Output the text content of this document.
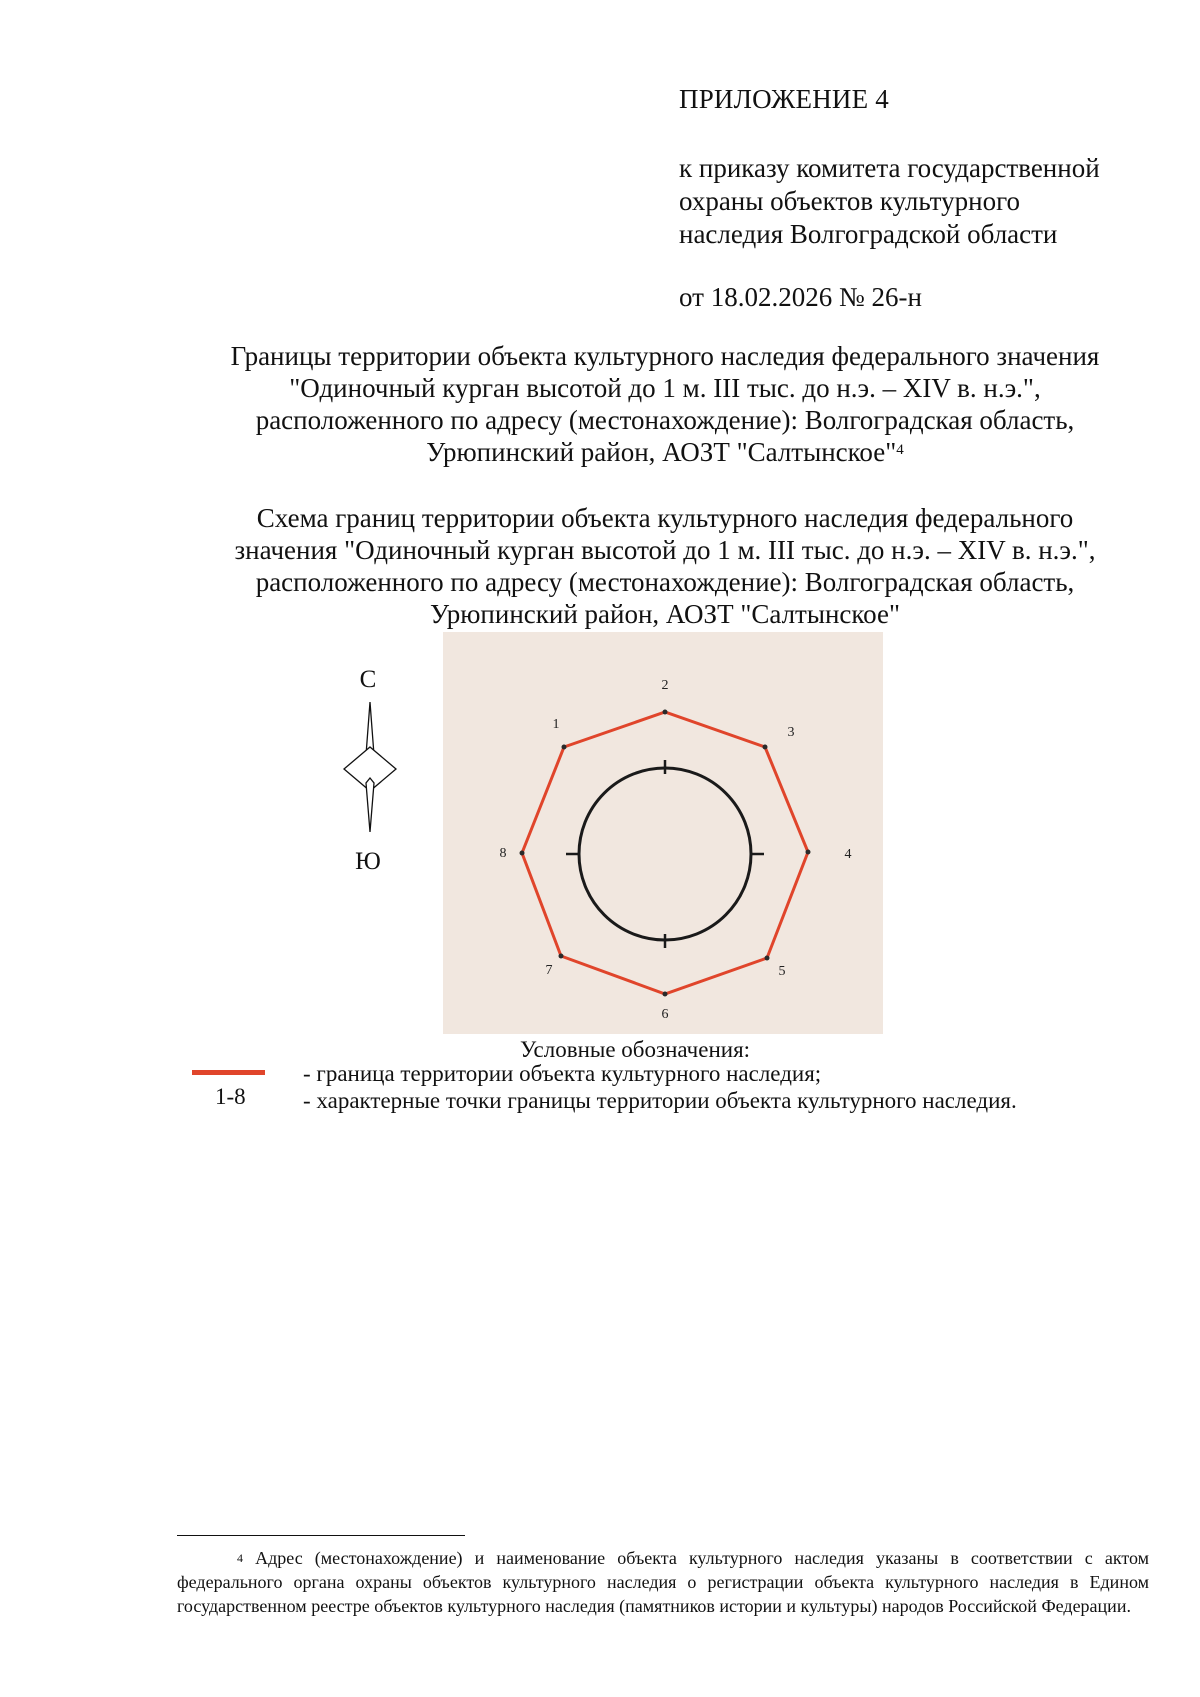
ПРИЛОЖЕНИЕ 4
к приказу комитета государственной
охраны объектов культурного
наследия Волгоградской области
от 18.02.2026 № 26-н
Границы территории объекта культурного наследия федерального значения
"Одиночный курган высотой до 1 м. III тыс. до н.э. – XIV в. н.э.",
расположенного по адресу (местонахождение): Волгоградская область,
Урюпинский район, АОЗТ "Салтынское"$^4$
Схема границ территории объекта культурного наследия федерального
значения "Одиночный курган высотой до 1 м. III тыс. до н.э. – XIV в. н.э.",
расположенного по адресу (местонахождение): Волгоградская область,
Урюпинский район, АОЗТ "Салтынское"
С
Ю
1
2
3
4
5
6
7
8
Условные обозначения:
- граница территории объекта культурного наследия;
1-8 - характерные точки границы территории объекта культурного наследия.
$^4$ Адрес (местонахождение) и наименование объекта культурного наследия указаны в соответствии с актом федерального органа охраны объектов культурного наследия о регистрации объекта культурного наследия в Едином государственном реестре объектов культурного наследия (памятников истории и культуры) народов Российской Федерации.
